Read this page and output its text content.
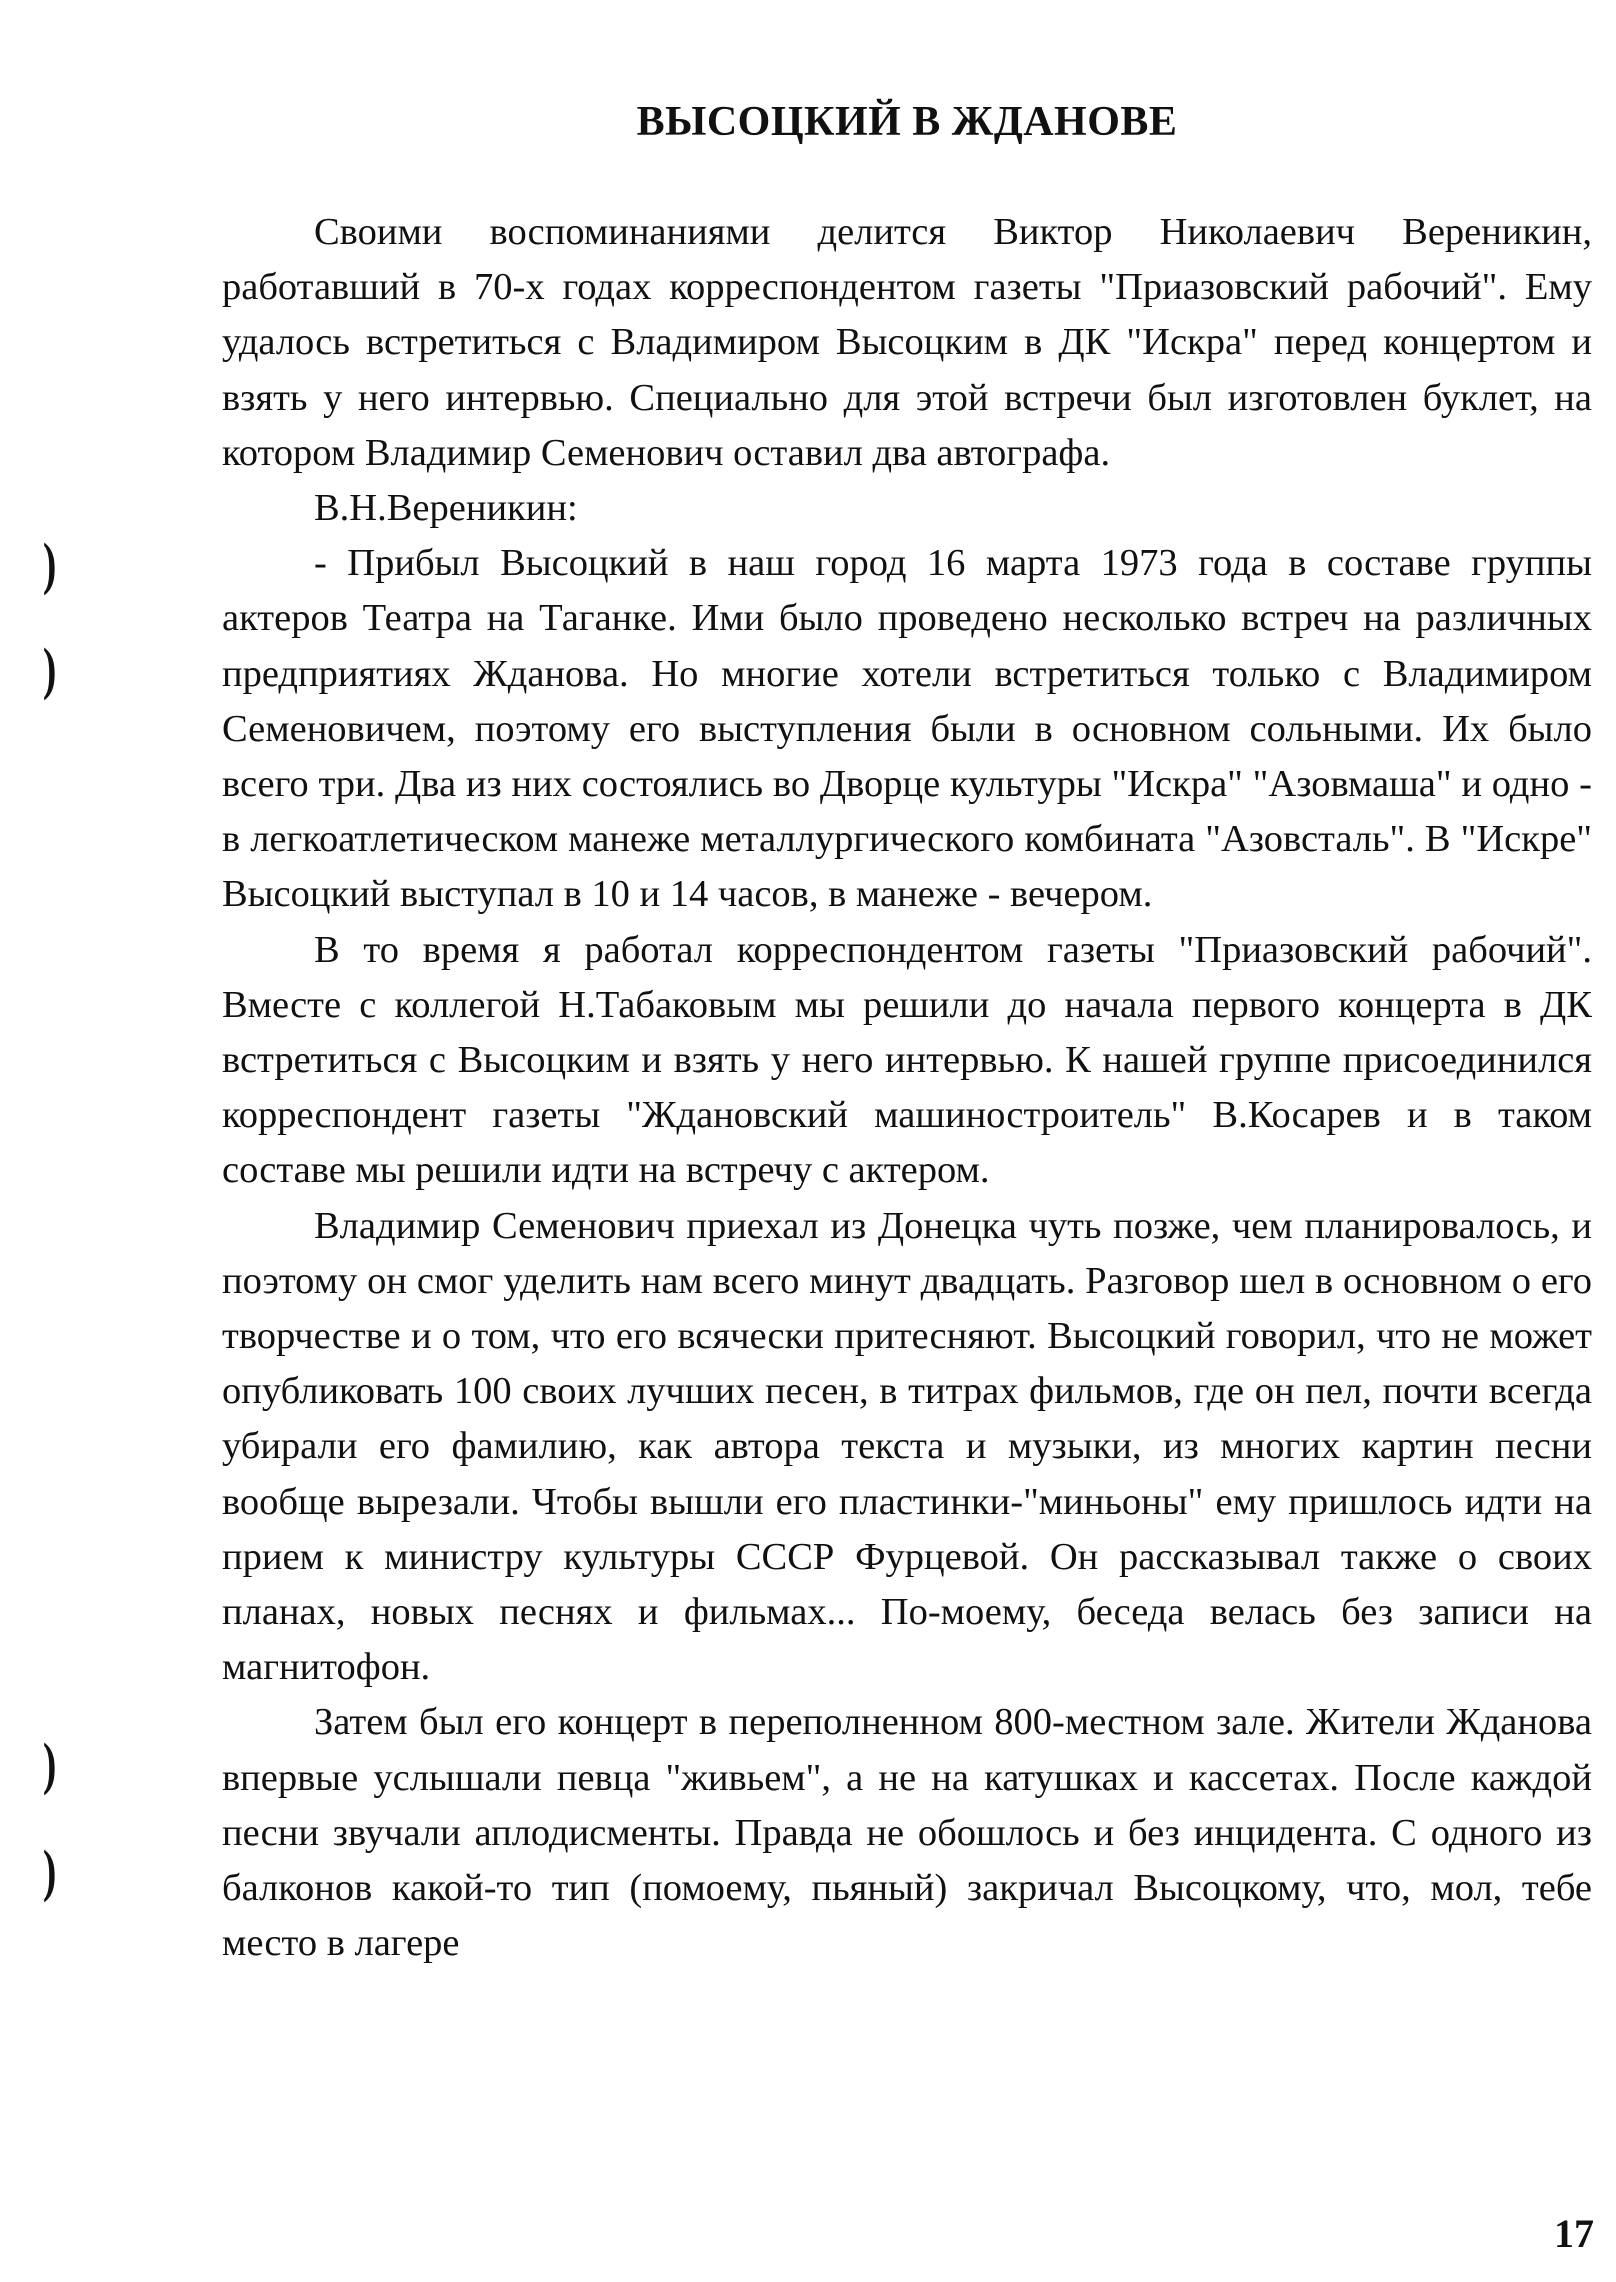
ВЫСОЦКИЙ В ЖДАНОВЕ

Своими воспоминаниями делится Виктор Николаевич Вереникин, работавший в 70-х годах корреспондентом газеты "Приазовский рабочий". Ему удалось встретиться с Владимиром Высоцким в ДК "Искра" перед концертом и взять у него интервью. Специально для этой встречи был изготовлен буклет, на котором Владимир Семенович оставил два автографа.

В.Н.Вереникин:

- Прибыл Высоцкий в наш город 16 марта 1973 года в составе группы актеров Театра на Таганке. Ими было проведено несколько встреч на различных предприятиях Жданова. Но многие хотели встретиться только с Владимиром Семеновичем, поэтому его выступления были в основном сольными. Их было всего три. Два из них состоялись во Дворце культуры "Искра" "Азовмаша" и одно - в легкоатлетическом манеже металлургического комбината "Азовсталь". В "Искре" Высоцкий выступал в 10 и 14 часов, в манеже - вечером.

В то время я работал корреспондентом газеты "Приазовский рабочий". Вместе с коллегой Н.Табаковым мы решили до начала первого концерта в ДК встретиться с Высоцким и взять у него интервью. К нашей группе присоединился корреспондент газеты "Ждановский машиностроитель" В.Косарев и в таком составе мы решили идти на встречу с актером.

Владимир Семенович приехал из Донецка чуть позже, чем планировалось, и поэтому он смог уделить нам всего минут двадцать. Разговор шел в основном о его творчестве и о том, что его всячески притесняют. Высоцкий говорил, что не может опубликовать 100 своих лучших песен, в титрах фильмов, где он пел, почти всегда убирали его фамилию, как автора текста и музыки, из многих картин песни вообще вырезали. Чтобы вышли его пластинки-"миньоны" ему пришлось идти на прием к министру культуры СССР Фурцевой. Он рассказывал также о своих планах, новых песнях и фильмах... По-моему, беседа велась без записи на магнитофон.

Затем был его концерт в переполненном 800-местном зале. Жители Жданова впервые услышали певца "живьем", а не на катушках и кассетах. После каждой песни звучали аплодисменты. Правда не обошлось и без инцидента. С одного из балконов какой-то тип (помоему, пьяный) закричал Высоцкому, что, мол, тебе место в лагере

)
)
)
)
17
